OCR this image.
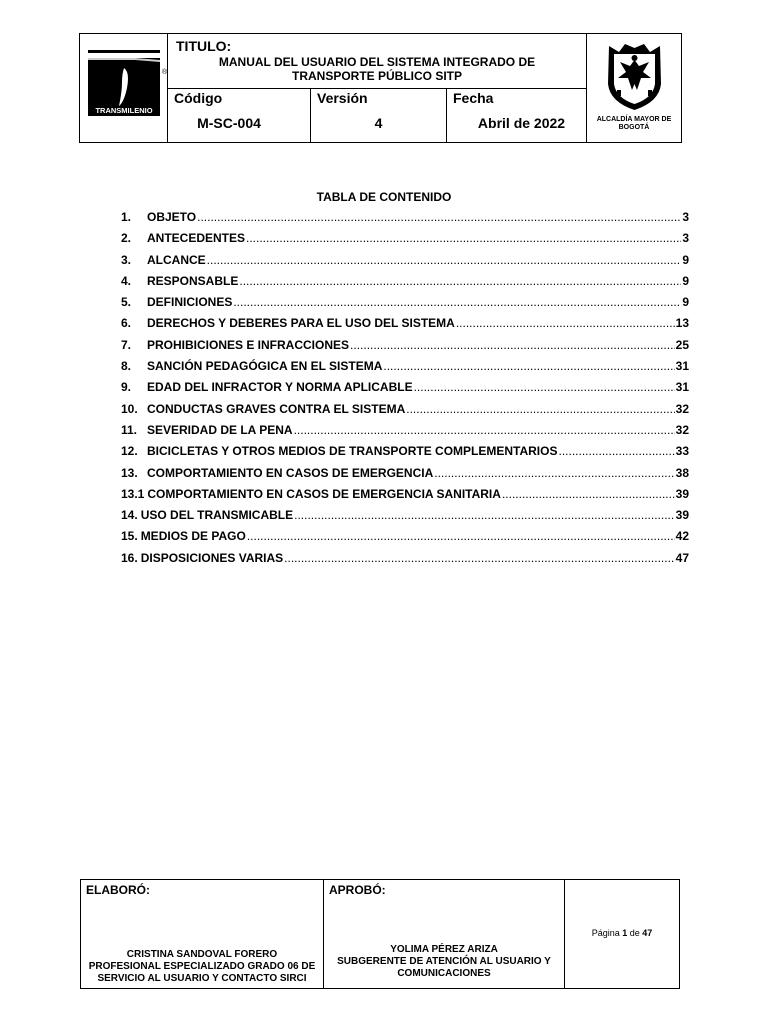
TRANSMILENIO
®
TITULO:
MANUAL DEL USUARIO DEL SISTEMA INTEGRADO DE
TRANSPORTE PÚBLICO SITP
ALCALDÍA MAYOR DE
BOGOTÁ
Código
M-SC-004
Versión
4
Fecha
Abril de 2022
TABLA DE CONTENIDO
1.	OBJETO .....	3
2.	ANTECEDENTES .....	3
3.	ALCANCE .....	9
4.	RESPONSABLE .....	9
5.	DEFINICIONES .....	9
6.	DERECHOS Y DEBERES PARA EL USO DEL SISTEMA .....	13
7.	PROHIBICIONES E INFRACCIONES .....	25
8.	SANCIÓN PEDAGÓGICA EN EL SISTEMA .....	31
9.	EDAD DEL INFRACTOR Y NORMA APLICABLE .....	31
10. CONDUCTAS GRAVES CONTRA EL SISTEMA .....	32
11. SEVERIDAD DE LA PENA .....	32
12. BICICLETAS Y OTROS MEDIOS DE TRANSPORTE COMPLEMENTARIOS .....	33
13. COMPORTAMIENTO EN CASOS DE EMERGENCIA .....	38
13.1 COMPORTAMIENTO EN CASOS DE EMERGENCIA SANITARIA .....	39
14. USO DEL TRANSMICABLE .....	39
15. MEDIOS DE PAGO .....	42
16. DISPOSICIONES VARIAS .....	47
ELABORÓ:
CRISTINA SANDOVAL FORERO
PROFESIONAL ESPECIALIZADO GRADO 06 DE
SERVICIO AL USUARIO Y CONTACTO SIRCI
APROBÓ:
YOLIMA PÉREZ ARIZA
SUBGERENTE DE ATENCIÓN AL USUARIO Y
COMUNICACIONES
Página 1 de 47
